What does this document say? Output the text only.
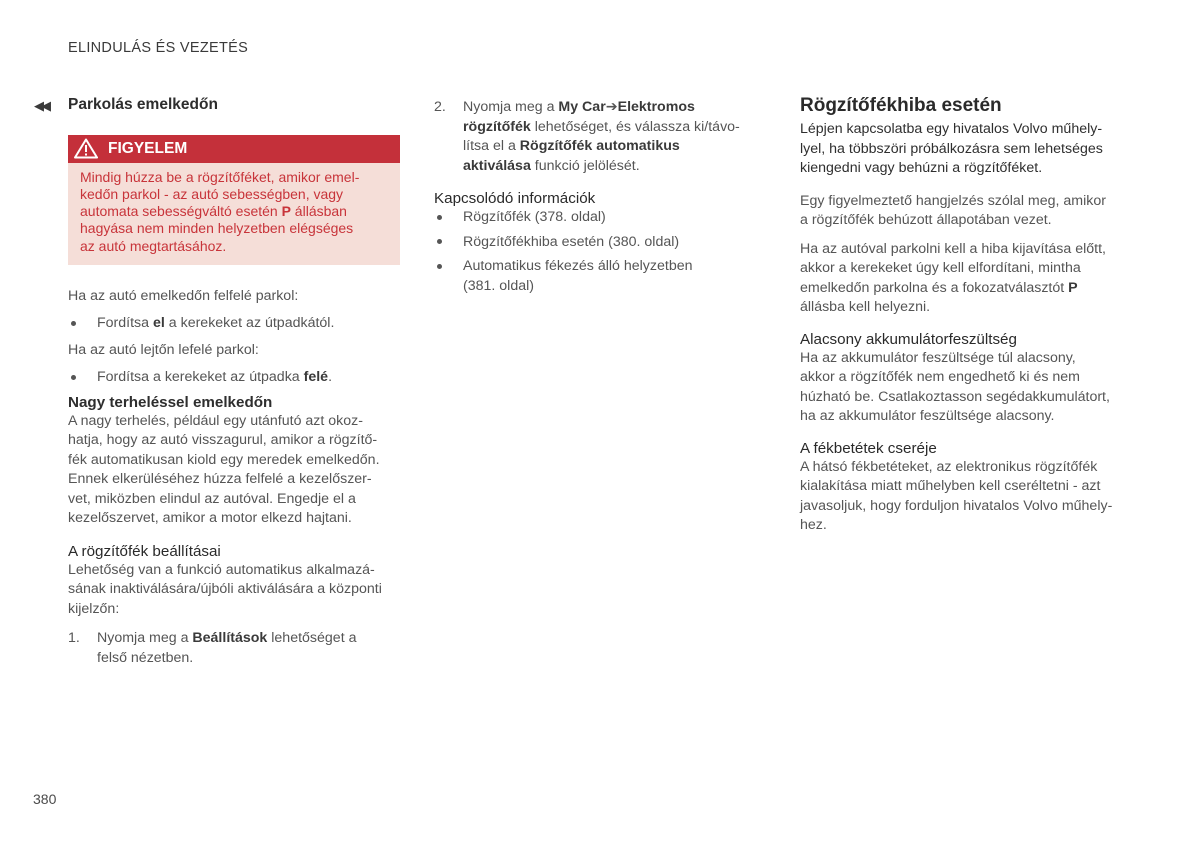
ELINDULÁS ÉS VEZETÉS
◀◀ Parkolás emelkedőn
FIGYELEM
Mindig húzza be a rögzítőféket, amikor emel-
kedőn parkol - az autó sebességben, vagy
automata sebességváltó esetén P állásban
hagyása nem minden helyzetben elégséges
az autó megtartásához.

Ha az autó emelkedőn felfelé parkol:

Fordítsa el a kerekeket az útpadkától.

Ha az autó lejtőn lefelé parkol:

Fordítsa a kerekeket az útpadka felé.
Nagy terheléssel emelkedőn
A nagy terhelés, például egy utánfutó azt okoz-
hatja, hogy az autó visszagurul, amikor a rögzítő-
fék automatikusan kiold egy meredek emelkedőn.
Ennek elkerüléséhez húzza felfelé a kezelőszer-
vet, miközben elindul az autóval. Engedje el a
kezelőszervet, amikor a motor elkezd hajtani.
A rögzítőfék beállításai
Lehetőség van a funkció automatikus alkalmazá-
sának inaktiválására/újbóli aktiválására a központi
kijelzőn:
1.	Nyomja meg a Beállítások lehetőséget a
felső nézetben.
2.	Nyomja meg a My Car➔Elektromos
rögzítőfék lehetőséget, és válassza ki/távo-
lítsa el a Rögzítőfék automatikus
aktiválása funkció jelölését.
Kapcsolódó információk
Rögzítőfék (378. oldal)
Rögzítőfékhiba esetén (380. oldal)
Automatikus fékezés álló helyzetben
(381. oldal)
Rögzítőfékhiba esetén
Lépjen kapcsolatba egy hivatalos Volvo műhely-
lyel, ha többszöri próbálkozásra sem lehetséges
kiengedni vagy behúzni a rögzítőféket.
Egy figyelmeztető hangjelzés szólal meg, amikor
a rögzítőfék behúzott állapotában vezet.
Ha az autóval parkolni kell a hiba kijavítása előtt,
akkor a kerekeket úgy kell elfordítani, mintha
emelkedőn parkolna és a fokozatválasztót P
állásba kell helyezni.
Alacsony akkumulátorfeszültség
Ha az akkumulátor feszültsége túl alacsony,
akkor a rögzítőfék nem engedhető ki és nem
húzható be. Csatlakoztasson segédakkumulátort,
ha az akkumulátor feszültsége alacsony.
A fékbetétek cseréje
A hátsó fékbetéteket, az elektronikus rögzítőfék
kialakítása miatt műhelyben kell cseréltetni - azt
javasoljuk, hogy forduljon hivatalos Volvo műhely-
hez.
380
